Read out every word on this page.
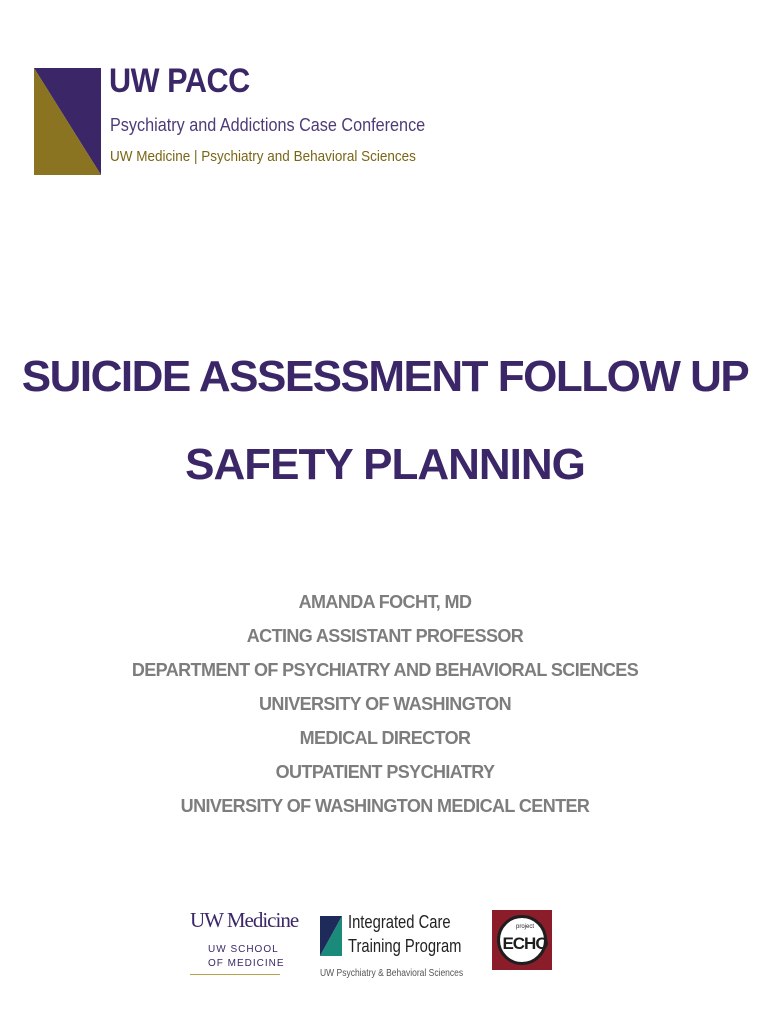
UW PACC
Psychiatry and Addictions Case Conference
UW Medicine | Psychiatry and Behavioral Sciences
SUICIDE ASSESSMENT FOLLOW UP
SAFETY PLANNING
AMANDA FOCHT, MD
ACTING ASSISTANT PROFESSOR
DEPARTMENT OF PSYCHIATRY AND BEHAVIORAL SCIENCES
UNIVERSITY OF WASHINGTON
MEDICAL DIRECTOR
OUTPATIENT PSYCHIATRY
UNIVERSITY OF WASHINGTON MEDICAL CENTER
UW Medicine
UW SCHOOL
OF MEDICINE
Integrated Care
Training Program
UW Psychiatry & Behavioral Sciences
project
ECHO
